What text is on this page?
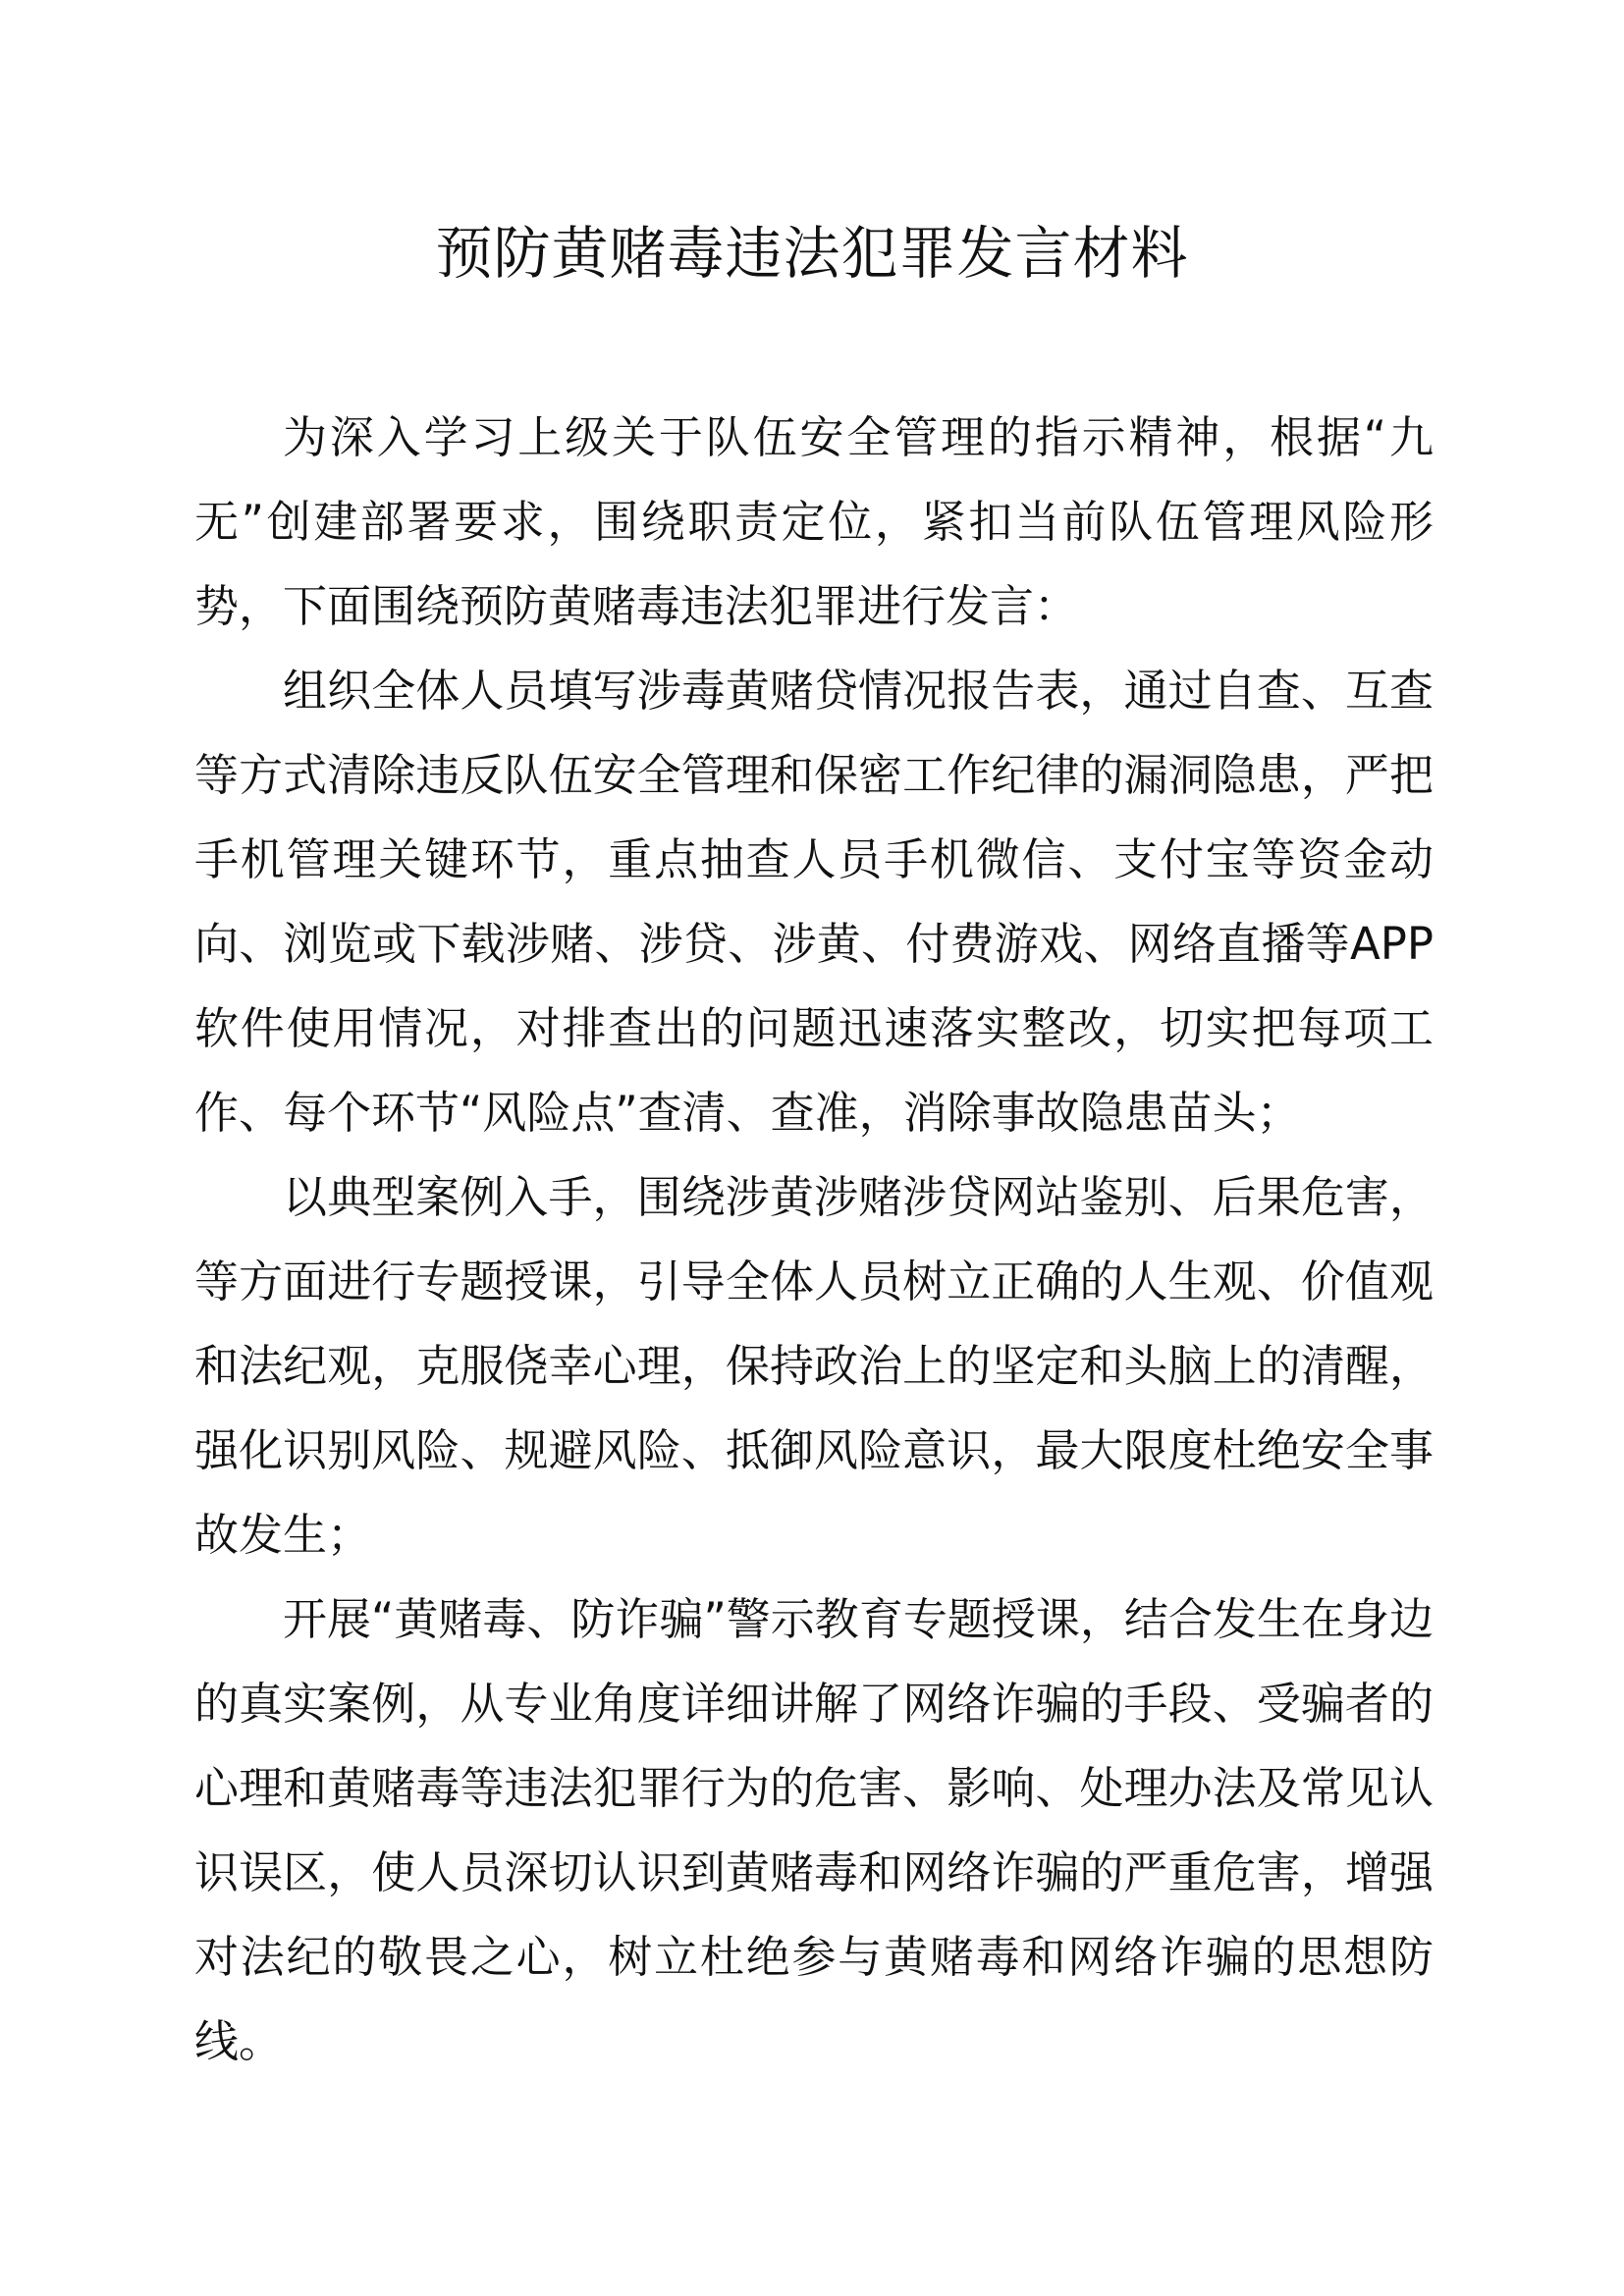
预防黄赌毒违法犯罪发言材料

为深入学习上级关于队伍安全管理的指示精神，根据“九无”创建部署要求，围绕职责定位，紧扣当前队伍管理风险形势，下面围绕预防黄赌毒违法犯罪进行发言：

组织全体人员填写涉毒黄赌贷情况报告表，通过自查、互查等方式清除违反队伍安全管理和保密工作纪律的漏洞隐患，严把手机管理关键环节，重点抽查人员手机微信、支付宝等资金动向、浏览或下载涉赌、涉贷、涉黄、付费游戏、网络直播等APP软件使用情况，对排查出的问题迅速落实整改，切实把每项工作、每个环节“风险点”查清、查准，消除事故隐患苗头；

以典型案例入手，围绕涉黄涉赌涉贷网站鉴别、后果危害，等方面进行专题授课，引导全体人员树立正确的人生观、价值观和法纪观，克服侥幸心理，保持政治上的坚定和头脑上的清醒，强化识别风险、规避风险、抵御风险意识，最大限度杜绝安全事故发生；

开展“黄赌毒、防诈骗”警示教育专题授课，结合发生在身边的真实案例，从专业角度详细讲解了网络诈骗的手段、受骗者的心理和黄赌毒等违法犯罪行为的危害、影响、处理办法及常见认识误区，使人员深切认识到黄赌毒和网络诈骗的严重危害，增强对法纪的敬畏之心，树立杜绝参与黄赌毒和网络诈骗的思想防线。
